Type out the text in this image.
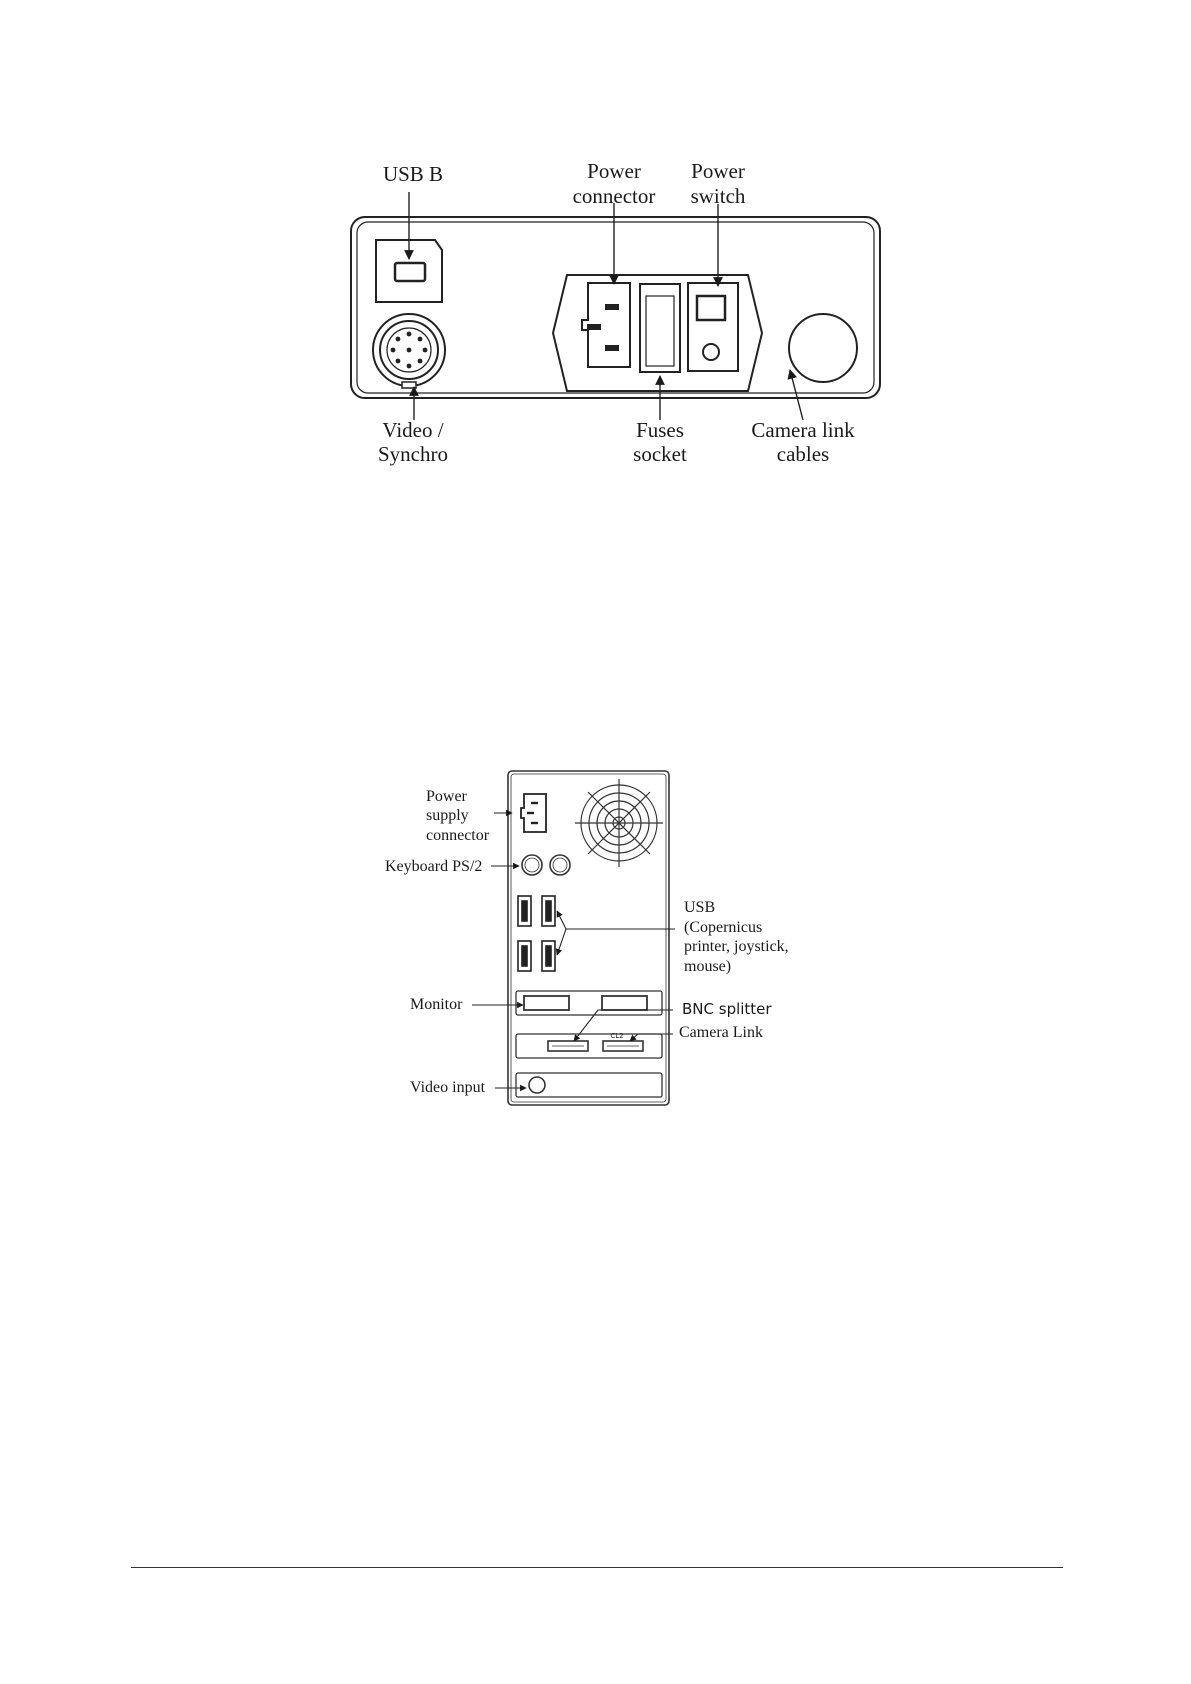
USB B	Power
connector
Power
switch
Video /
Synchro
Fuses
socket
Camera link
cables
CL2
Power
supply
connector
Keyboard PS/2
USB
(Copernicus
printer, joystick,
mouse)
Monitor	BNC splitter
Camera Link
Video input
